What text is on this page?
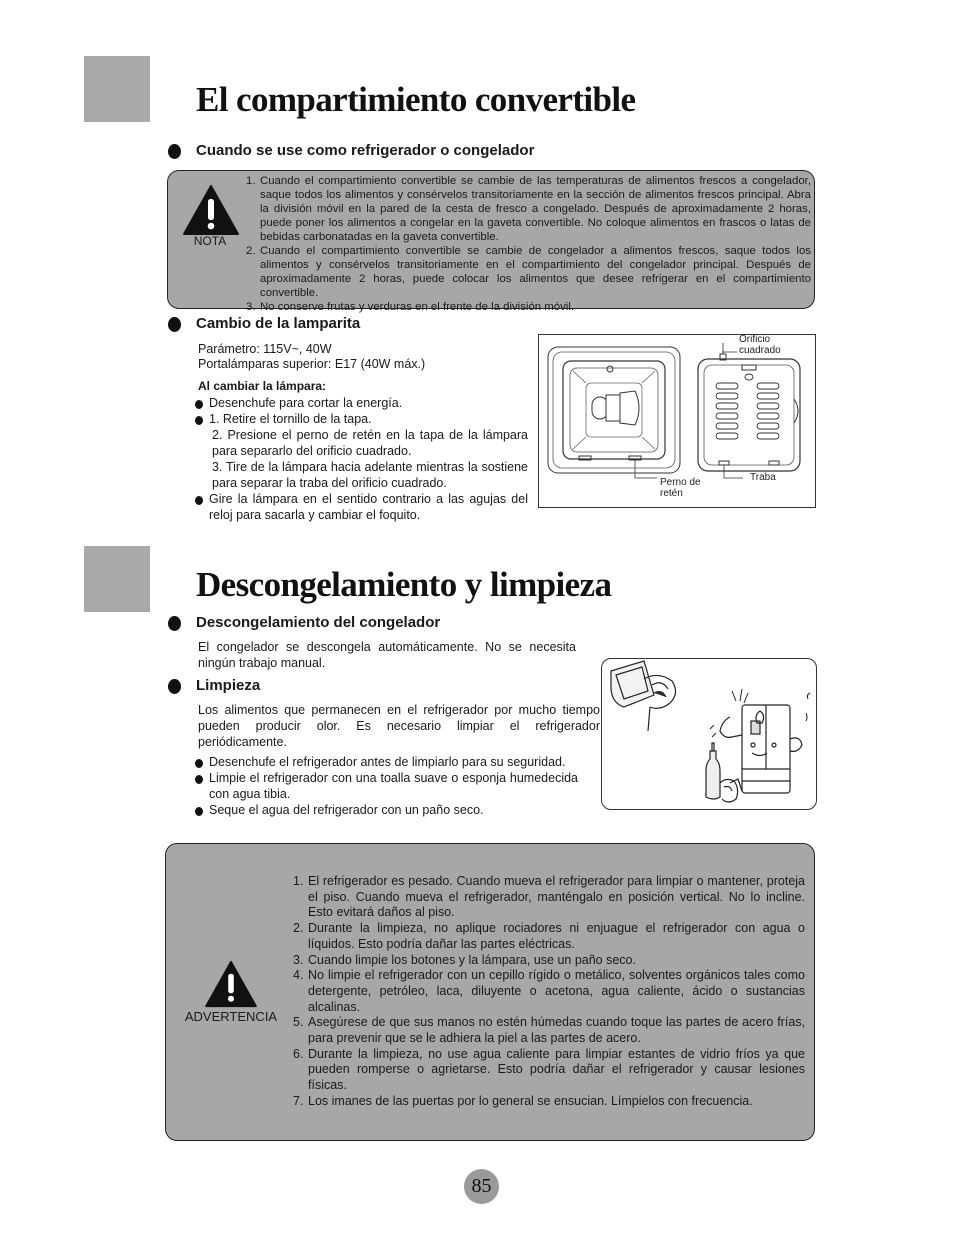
El compartimiento convertible
Cuando se use como refrigerador o congelador
NOTA
1. Cuando el compartimiento convertible se cambie de las temperaturas de alimentos frescos a congelador, saque todos los alimentos y consérvelos transitoriamente en la sección de alimentos frescos principal. Abra la división móvil en la pared de la cesta de fresco a congelado. Después de aproximadamente 2 horas, puede poner los alimentos a congelar en la gaveta convertible. No coloque alimentos en frascos o latas de bebidas carbonatadas en la gaveta convertible.
2. Cuando el compartimiento convertible se cambie de congelador a alimentos frescos, saque todos los alimentos y consérvelos transitoriamente en el compartimiento del congelador principal. Después de aproximadamente 2 horas, puede colocar los alimentos que desee refrigerar en el compartimiento convertible.
3. No conserve frutas y verduras en el frente de la división móvil.
Cambio de la lamparita
Parámetro: 115V~, 40W
Portalámparas superior: E17 (40W máx.)
Al cambiar la lámpara:
Desenchufe para cortar la energía.
1. Retire el tornillo de la tapa.
2. Presione el perno de retén en la tapa de la lámpara para separarlo del orificio cuadrado.
3. Tire de la lámpara hacia adelante mientras la sostiene para separar la traba del orificio cuadrado.
Gire la lámpara en el sentido contrario a las agujas del reloj para sacarla y cambiar el foquito.
Orificio
cuadrado
Perno de
retén
Traba
Descongelamiento y limpieza
Descongelamiento del congelador
El congelador se descongela automáticamente. No se necesita ningún trabajo manual.
Limpieza
Los alimentos que permanecen en el refrigerador por mucho tiempo pueden producir olor. Es necesario limpiar el refrigerador periódicamente.
Desenchufe el refrigerador antes de limpiarlo para su seguridad.
Limpie el refrigerador con una toalla suave o esponja humedecida con agua tibia.
Seque el agua del refrigerador con un paño seco.
ADVERTENCIA
1. El refrigerador es pesado. Cuando mueva el refrigerador para limpiar o mantener, proteja el piso. Cuando mueva el refrigerador, manténgalo en posición vertical. No lo incline. Esto evitará daños al piso.
2. Durante la limpieza, no aplique rociadores ni enjuague el refrigerador con agua o líquidos. Esto podría dañar las partes eléctricas.
3. Cuando limpie los botones y la lámpara, use un paño seco.
4. No limpie el refrigerador con un cepillo rígido o metálico, solventes orgánicos tales como detergente, petróleo, laca, diluyente o acetona, agua caliente, ácido o sustancias alcalinas.
5. Asegúrese de que sus manos no estén húmedas cuando toque las partes de acero frías, para prevenir que se le adhiera la piel a las partes de acero.
6. Durante la limpieza, no use agua caliente para limpiar estantes de vidrio fríos ya que pueden romperse o agrietarse. Esto podría dañar el refrigerador y causar lesiones físicas.
7. Los imanes de las puertas por lo general se ensucian. Límpielos con frecuencia.
85
